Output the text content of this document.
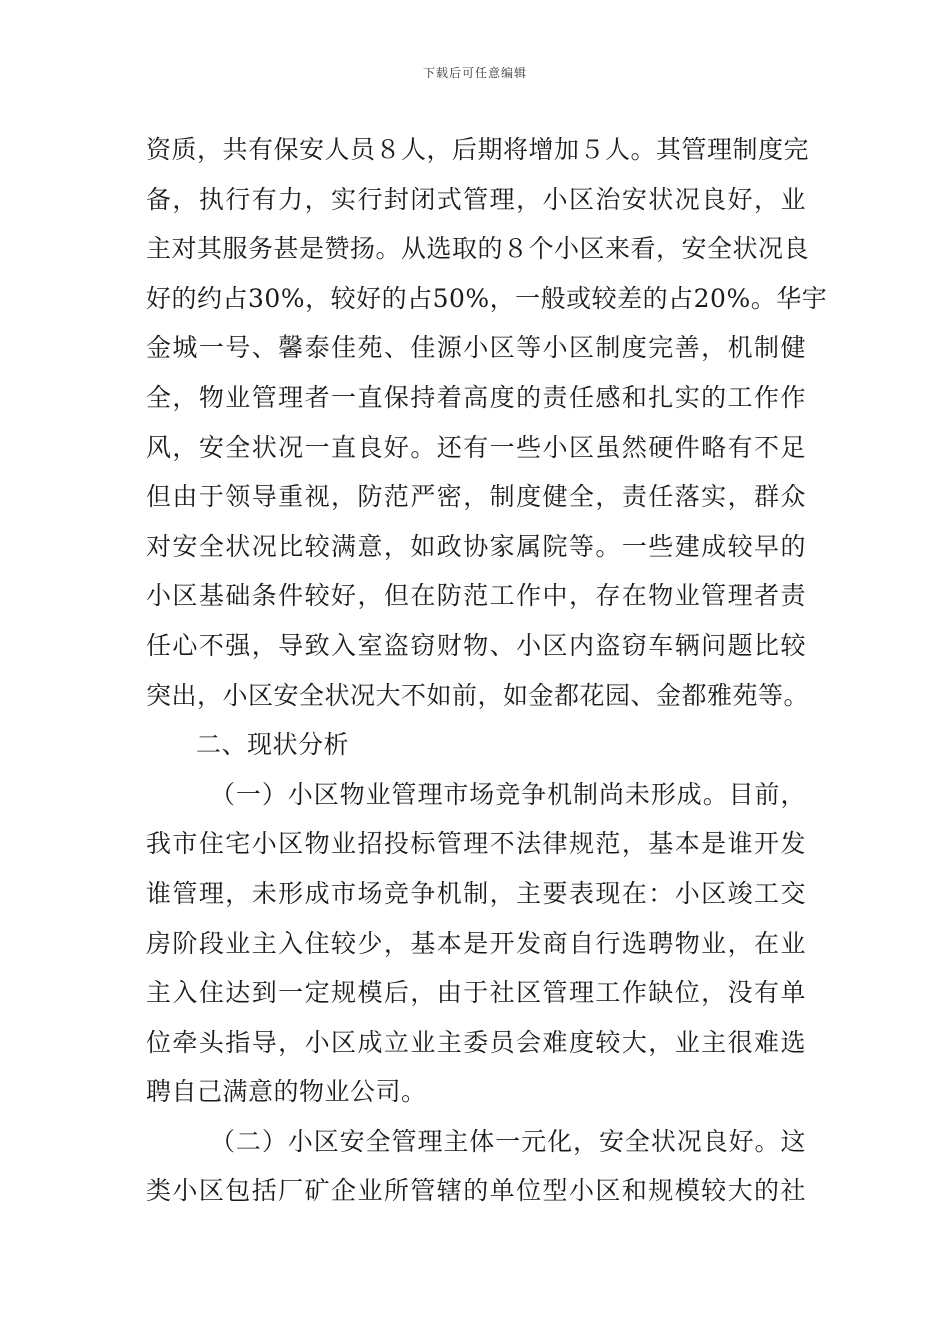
下载后可任意编辑
资质，共有保安人员８人，后期将增加５人。其管理制度完
备，执行有力，实行封闭式管理，小区治安状况良好，业
主对其服务甚是赞扬。从选取的８个小区来看，安全状况良
好的约占30%，较好的占50%，一般或较差的占20%。华宇
金城一号、馨泰佳苑、佳源小区等小区制度完善，机制健
全，物业管理者一直保持着高度的责任感和扎实的工作作
风，安全状况一直良好。还有一些小区虽然硬件略有不足
但由于领导重视，防范严密，制度健全，责任落实，群众
对安全状况比较满意，如政协家属院等。一些建成较早的
小区基础条件较好，但在防范工作中，存在物业管理者责
任心不强，导致入室盗窃财物、小区内盗窃车辆问题比较
突出，小区安全状况大不如前，如金都花园、金都雅苑等。
二、现状分析
（一）小区物业管理市场竞争机制尚未形成。目前，
我市住宅小区物业招投标管理不法律规范，基本是谁开发
谁管理，未形成市场竞争机制，主要表现在：小区竣工交
房阶段业主入住较少，基本是开发商自行选聘物业，在业
主入住达到一定规模后，由于社区管理工作缺位，没有单
位牵头指导，小区成立业主委员会难度较大，业主很难选
聘自己满意的物业公司。
（二）小区安全管理主体一元化，安全状况良好。这
类小区包括厂矿企业所管辖的单位型小区和规模较大的社
